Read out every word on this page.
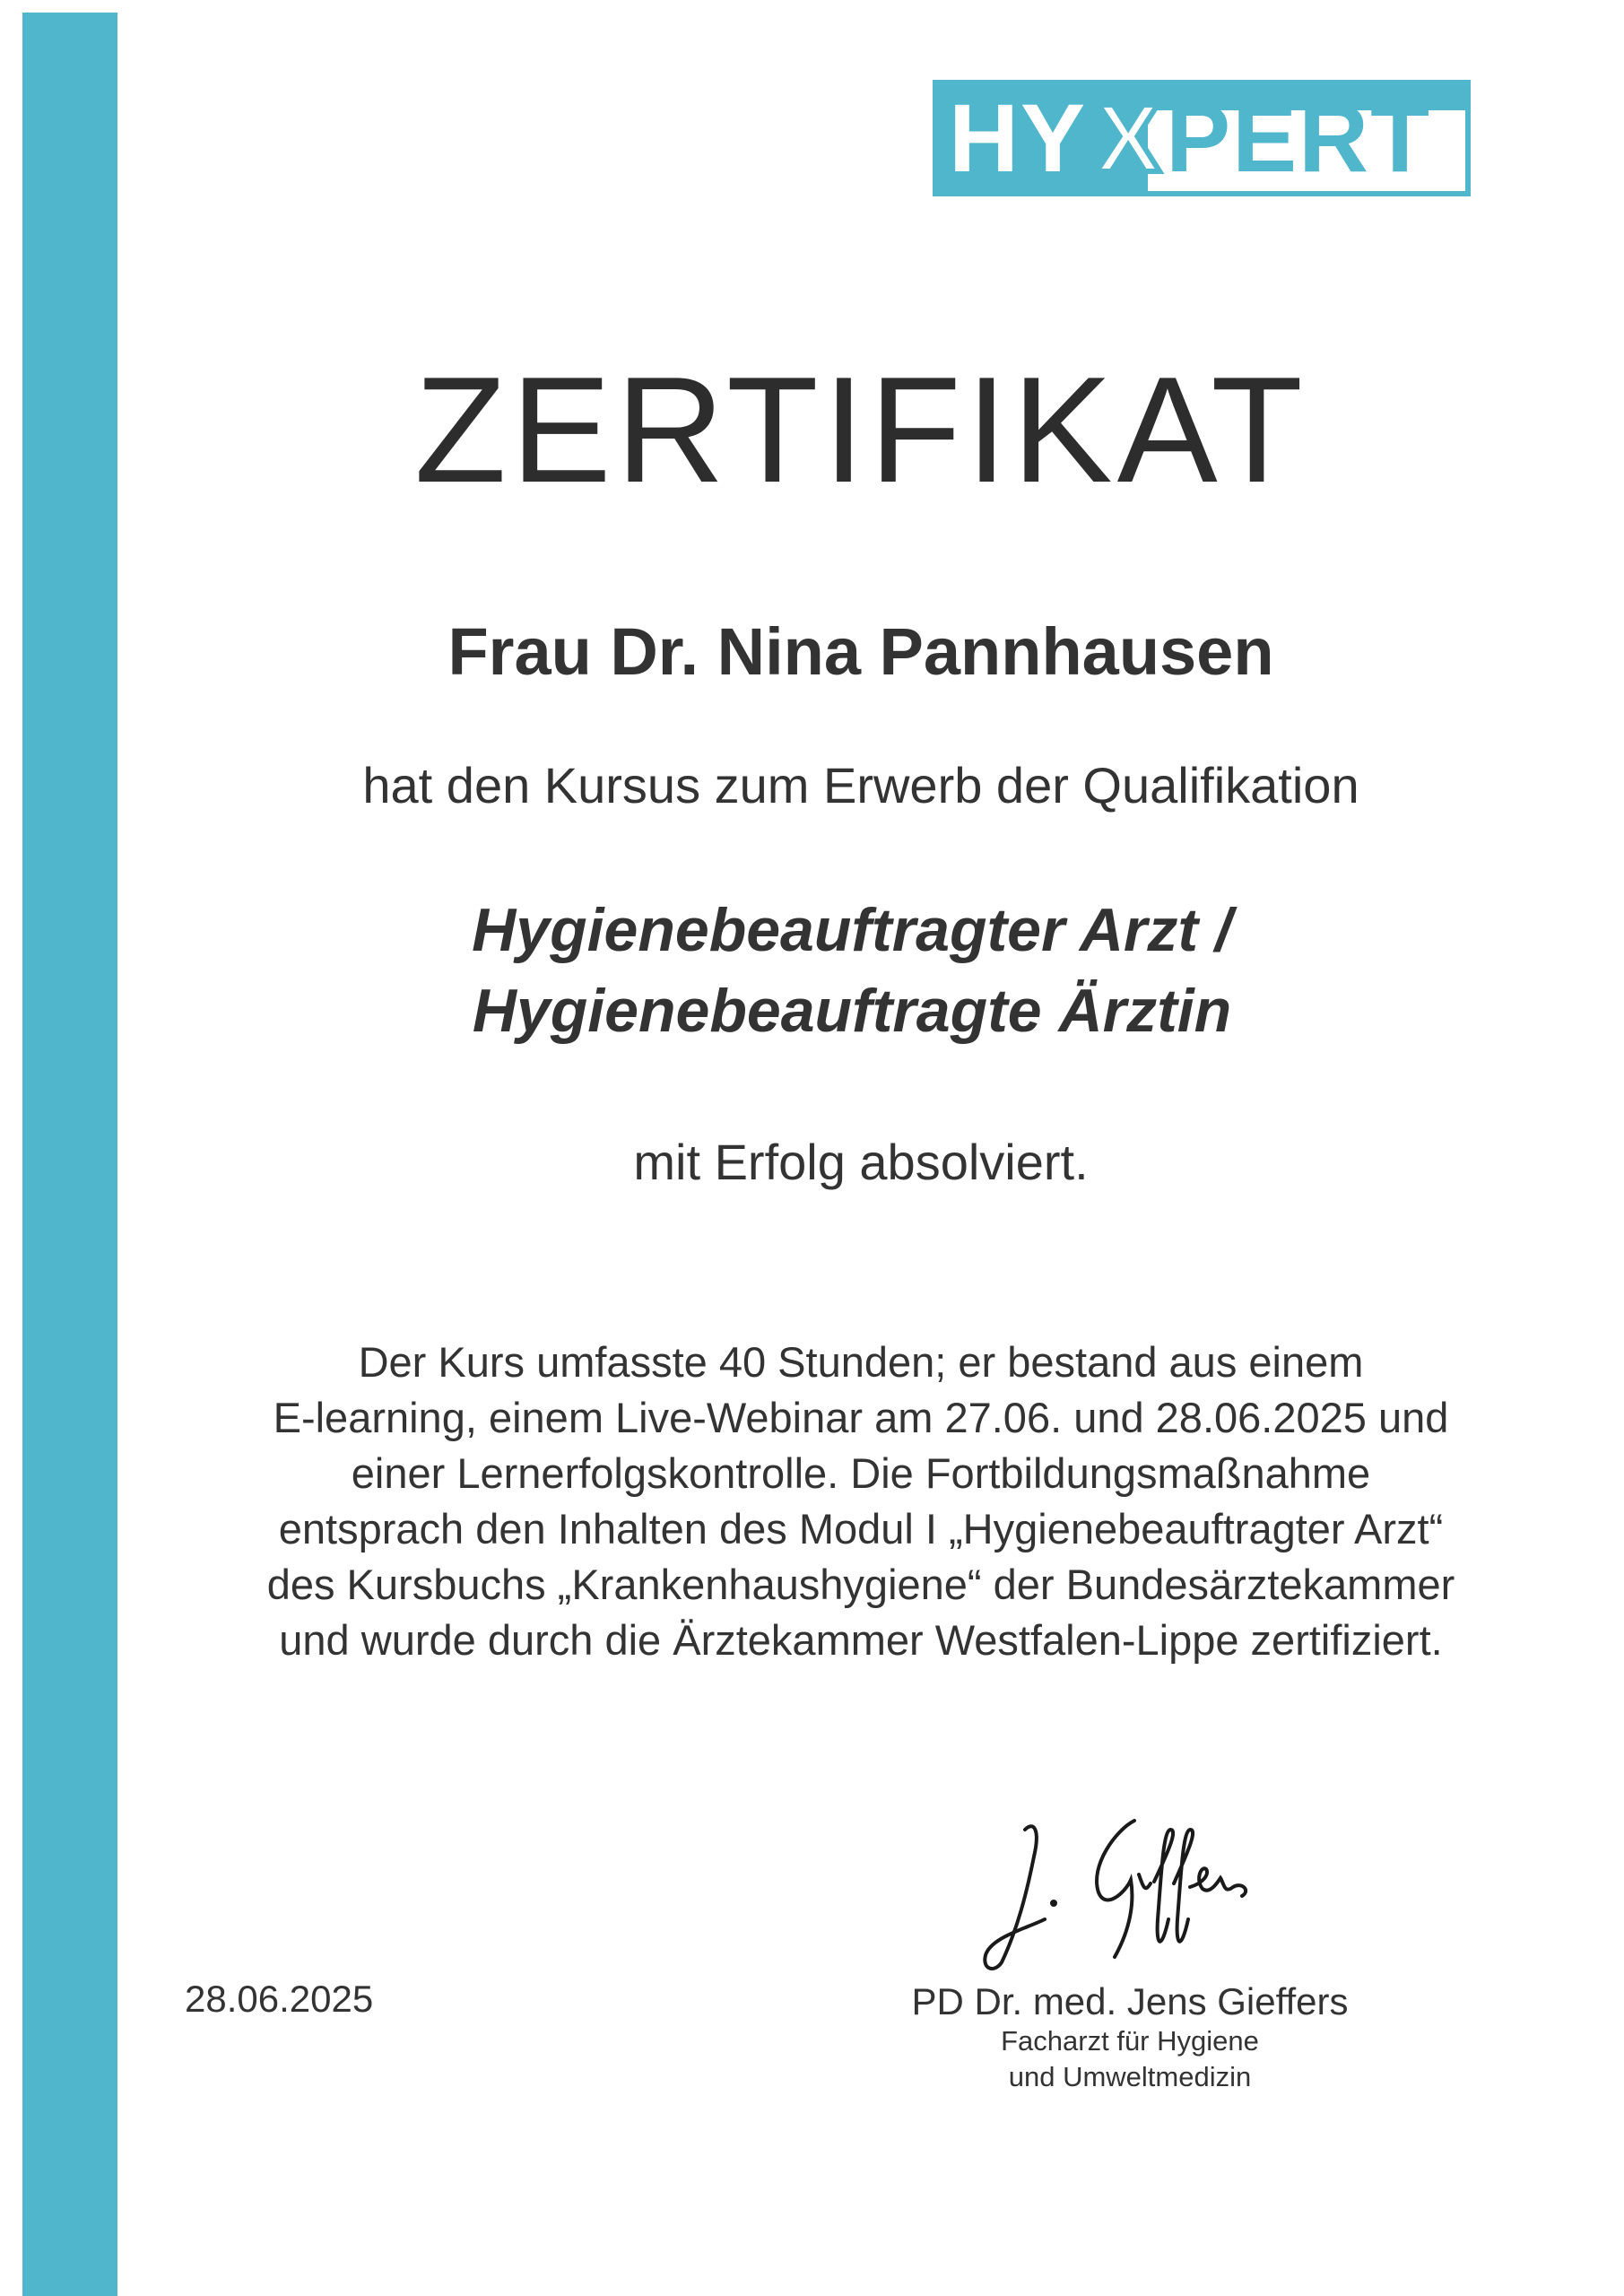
HY X PERT
ZERTIFIKAT
Frau Dr. Nina Pannhausen
hat den Kursus zum Erwerb der Qualifikation
Hygienebeauftragter Arzt /
Hygienebeauftragte Ärztin
mit Erfolg absolviert.
Der Kurs umfasste 40 Stunden; er bestand aus einem
E-learning, einem Live-Webinar am 27.06. und 28.06.2025 und
einer Lernerfolgskontrolle. Die Fortbildungsmaßnahme
entsprach den Inhalten des Modul I „Hygienebeauftragter Arzt“
des Kursbuchs „Krankenhaushygiene“ der Bundesärztekammer
und wurde durch die Ärztekammer Westfalen-Lippe zertifiziert.
28.06.2025	PD Dr. med. Jens Gieffers
Facharzt für Hygiene
und Umweltmedizin
